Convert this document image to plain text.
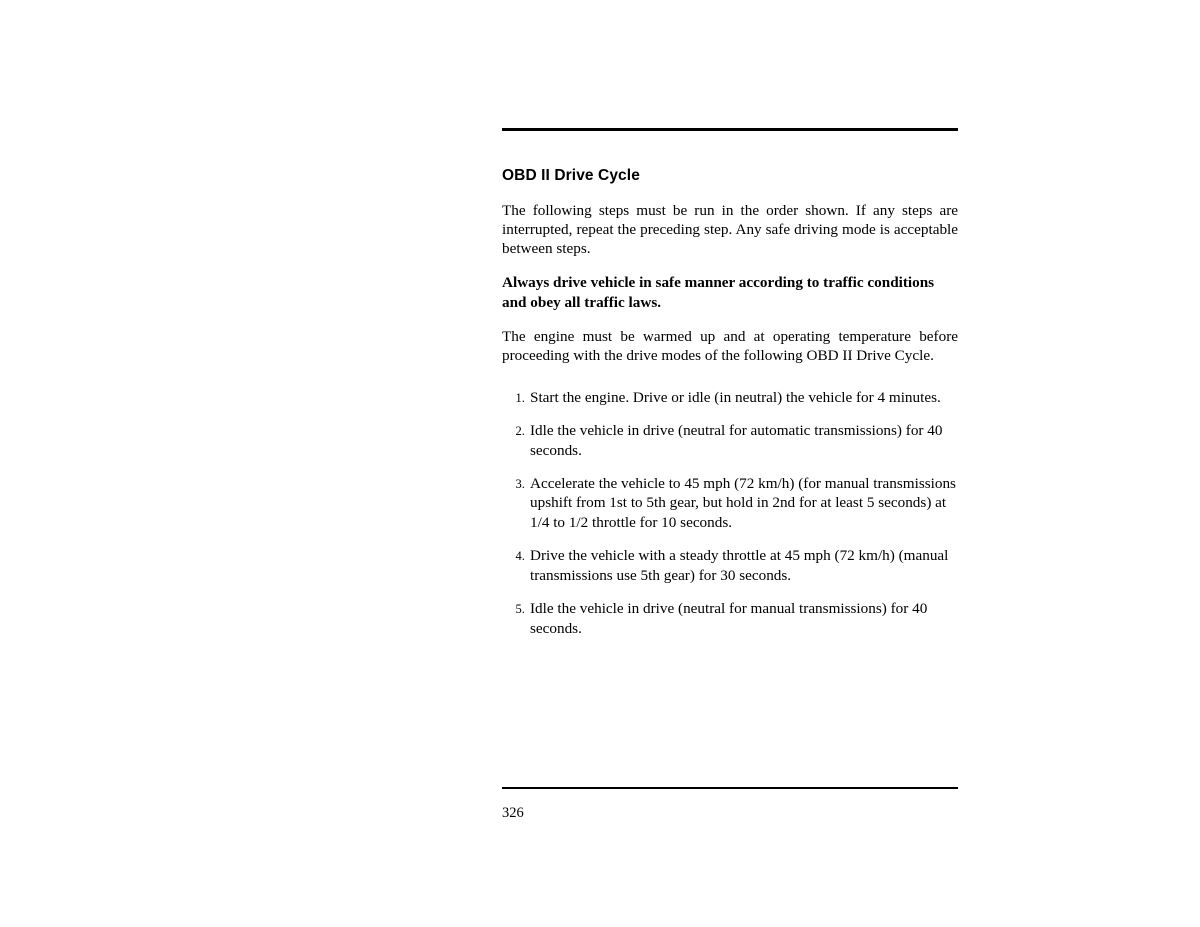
OBD II Drive Cycle

The following steps must be run in the order shown. If any steps are interrupted, repeat the preceding step. Any safe driving mode is acceptable between steps.

Always drive vehicle in safe manner according to traffic conditions and obey all traffic laws.

The engine must be warmed up and at operating temperature before proceeding with the drive modes of the following OBD II Drive Cycle.

1. Start the engine. Drive or idle (in neutral) the vehicle for 4 minutes.
2. Idle the vehicle in drive (neutral for automatic transmissions) for 40 seconds.
3. Accelerate the vehicle to 45 mph (72 km/h) (for manual transmissions upshift from 1st to 5th gear, but hold in 2nd for at least 5 seconds) at 1/4 to 1/2 throttle for 10 seconds.
4. Drive the vehicle with a steady throttle at 45 mph (72 km/h) (manual transmissions use 5th gear) for 30 seconds.
5. Idle the vehicle in drive (neutral for manual transmissions) for 40 seconds.
326
